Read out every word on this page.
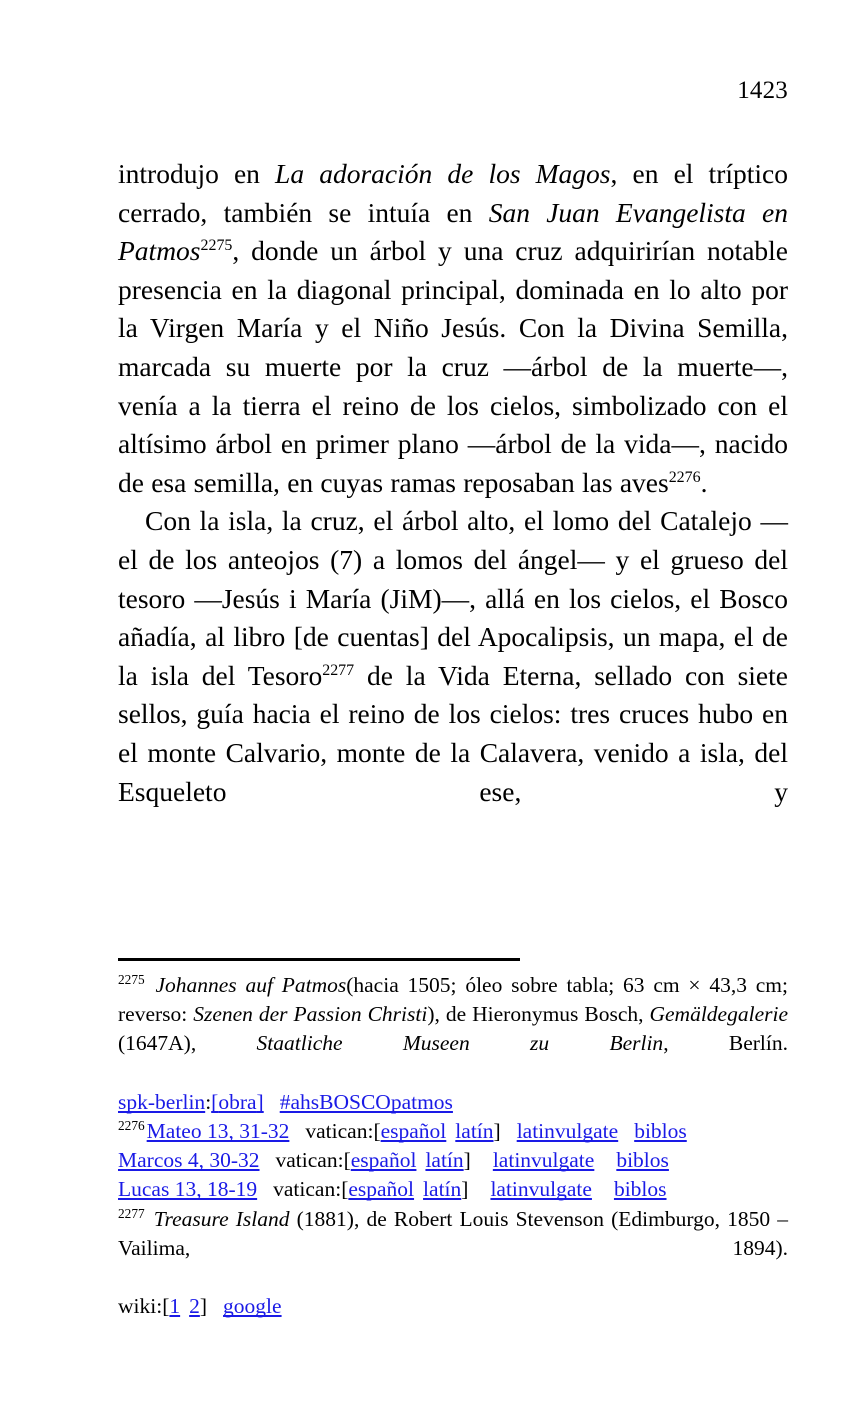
1423

introdujo en La adoración de los Magos, en el tríptico cerrado, también se intuía en San Juan Evangelista en Patmos$^{2275}$, donde un árbol y una cruz adquirirían notable presencia en la diagonal principal, dominada en lo alto por la Virgen María y el Niño Jesús. Con la Divina Semilla, marcada su muerte por la cruz —árbol de la muerte—, venía a la tierra el reino de los cielos, simbolizado con el altísimo árbol en primer plano —árbol de la vida—, nacido de esa semilla, en cuyas ramas reposaban las aves$^{2276}$.

Con la isla, la cruz, el árbol alto, el lomo del Catalejo —el de los anteojos (7) a lomos del ángel— y el grueso del tesoro —Jesús i María (JiM)—, allá en los cielos, el Bosco añadía, al libro [de cuentas] del Apocalipsis, un mapa, el de la isla del Tesoro$^{2277}$ de la Vida Eterna, sellado con siete sellos, guía hacia el reino de los cielos: tres cruces hubo en el monte Calvario, monte de la Calavera, venido a isla, del Esqueleto ese, y

$^{2275}$ Johannes auf Patmos(hacia 1505; óleo sobre tabla; 63 cm × 43,3 cm; reverso: Szenen der Passion Christi), de Hieronymus Bosch, Gemäldegalerie (1647A), Staatliche Museen zu Berlin, Berlín.

spk-berlin:[obra] #ahsBOSCOpatmos

$^{2276}$Mateo 13, 31-32 vatican:[español latín] latinvulgate biblos

Marcos 4, 30-32 vatican:[español latín] latinvulgate biblos

Lucas 13, 18-19 vatican:[español latín] latinvulgate biblos

$^{2277}$ Treasure Island (1881), de Robert Louis Stevenson (Edimburgo, 1850 – Vailima, 1894).

wiki:[1 2] google
